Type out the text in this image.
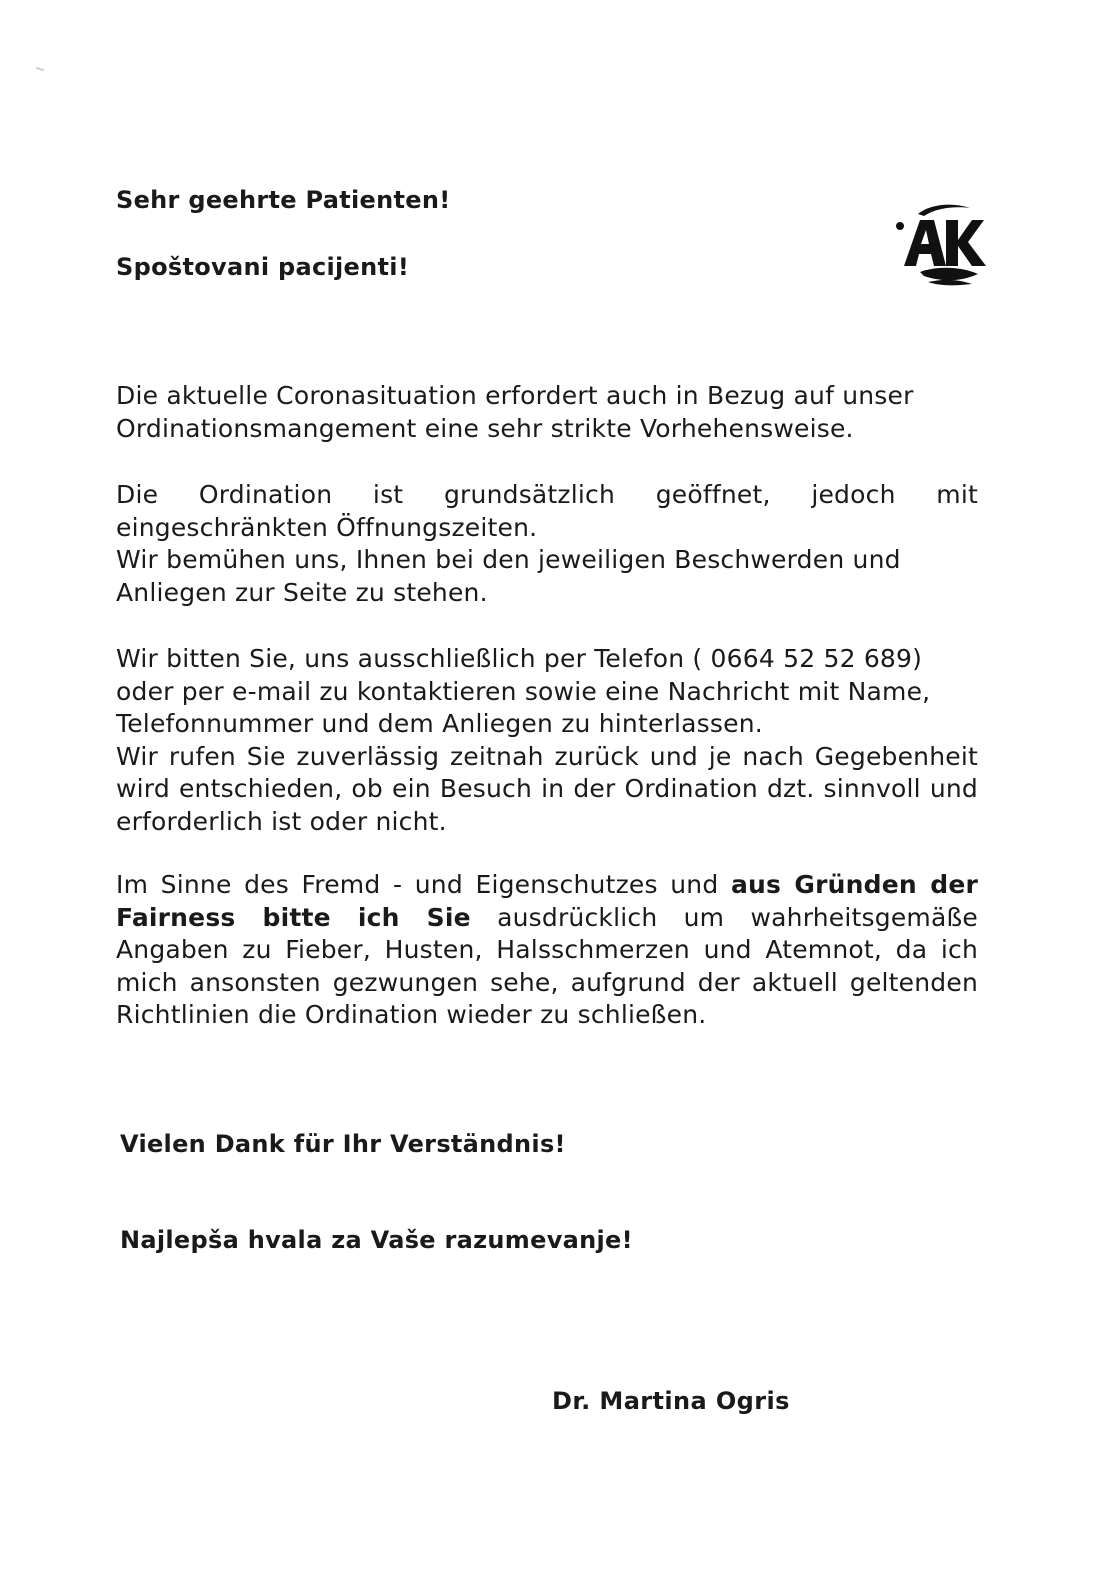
Sehr geehrte Patienten!

Spoštovani pacijenti!

Die aktuelle Coronasituation erfordert auch in Bezug auf unser Ordinationsmangement eine sehr strikte Vorhehensweise.

Die Ordination ist grundsätzlich geöffnet, jedoch mit eingeschränkten Öffnungszeiten.
Wir bemühen uns, Ihnen bei den jeweiligen Beschwerden und Anliegen zur Seite zu stehen.
Wir bitten Sie, uns ausschließlich per Telefon ( 0664 52 52 689) oder per e-mail zu kontaktieren sowie eine Nachricht mit Name, Telefonnummer und dem Anliegen zu hinterlassen.
Wir rufen Sie zuverlässig zeitnah zurück und je nach Gegebenheit wird entschieden, ob ein Besuch in der Ordination dzt. sinnvoll und erforderlich ist oder nicht.

Im Sinne des Fremd - und Eigenschutzes und aus Gründen der Fairness bitte ich Sie ausdrücklich um wahrheitsgemäße Angaben zu Fieber, Husten, Halsschmerzen und Atemnot, da ich mich ansonsten gezwungen sehe, aufgrund der aktuell geltenden Richtlinien die Ordination wieder zu schließen.

Vielen Dank für Ihr Verständnis!

Najlepša hvala za Vaše razumevanje!

Dr. Martina Ogris
